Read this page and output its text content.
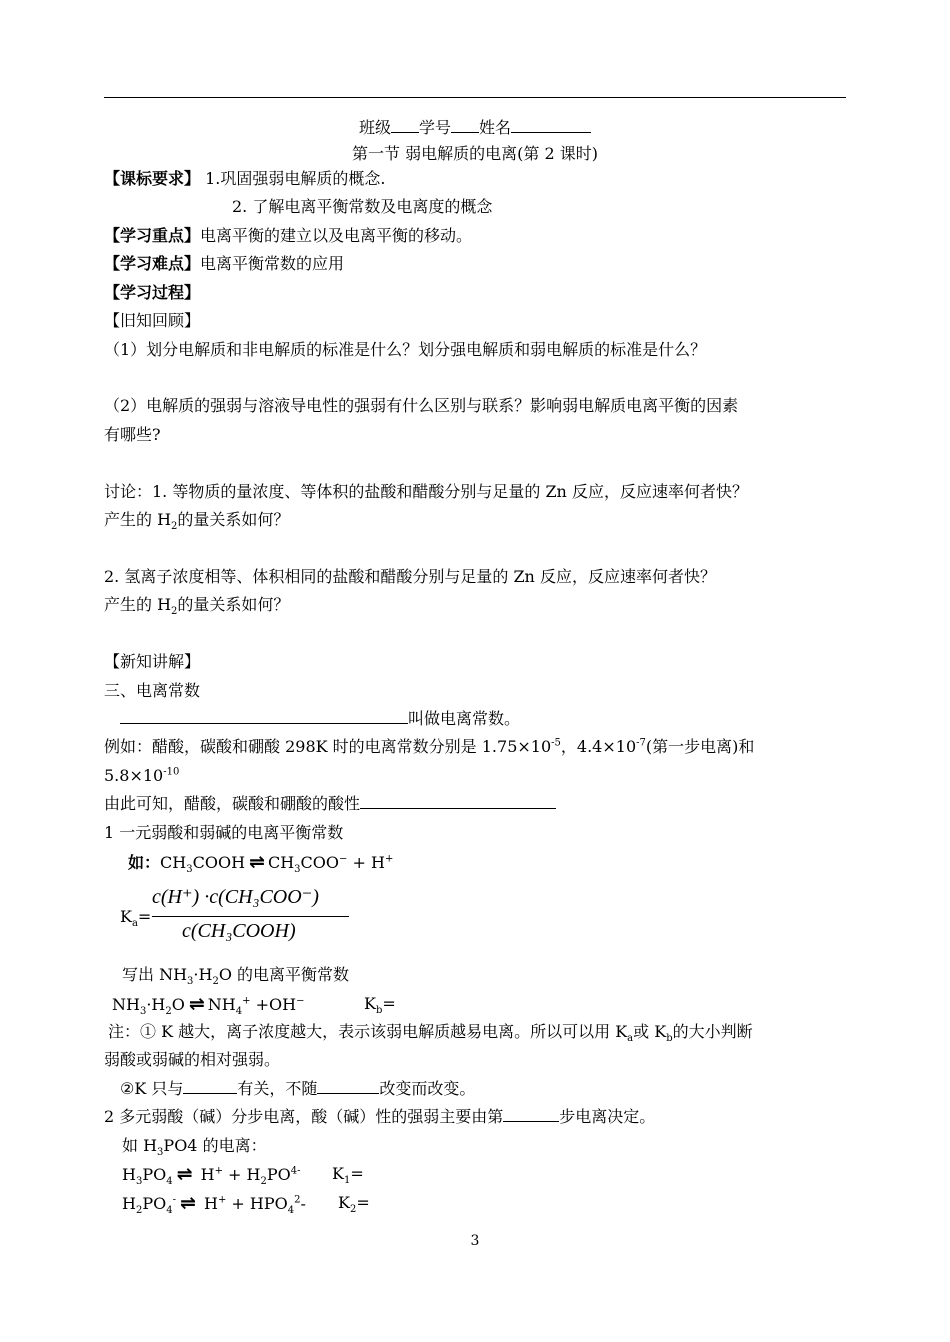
班级 学号 姓名
第一节 弱电解质的电离(第 2 课时)
【课标要求】 1.巩固强弱电解质的概念.
2. 了解电离平衡常数及电离度的概念
【学习重点】电离平衡的建立以及电离平衡的移动。
【学习难点】电离平衡常数的应用
【学习过程】
【旧知回顾】
（1）划分电解质和非电解质的标准是什么？划分强电解质和弱电解质的标准是什么？
（2）电解质的强弱与溶液导电性的强弱有什么区别与联系？影响弱电解质电离平衡的因素
有哪些?
讨论：1. 等物质的量浓度、等体积的盐酸和醋酸分别与足量的 Zn 反应，反应速率何者快？
产生的 $H_2$的量关系如何？
2. 氢离子浓度相等、体积相同的盐酸和醋酸分别与足量的 Zn 反应，反应速率何者快？
产生的 $H_2$的量关系如何？
【新知讲解】
三、电离常数
叫做电离常数。
例如：醋酸，碳酸和硼酸 298K 时的电离常数分别是 $1.75\times 10^{-5}$，$4.4\times 10^{-7}$(第一步电离)和
$5.8\times 10^{-10}$
由此可知，醋酸，碳酸和硼酸的酸性
1 一元弱酸和弱碱的电离平衡常数
如：$CH_3COOH$ ⇌ $CH_3COO^- + H^+$
$K_a=$
c(H⁺) ·c(CH₃COO⁻)
c(CH₃COOH)
写出 $NH_3\cdot H_2O$ 的电离平衡常数
$NH_3\cdot H_2O$ ⇌ $NH_4^+ +OH^-$	$K_b=$
注：① K 越大，离子浓度越大，表示该弱电解质越易电离。所以可以用 $K_a$或 $K_b$的大小判断
弱酸或弱碱的相对强弱。
②K 只与	有关，不随	改变而改变。
2 多元弱酸（碱）分步电离，酸（碱）性的强弱主要由第	步电离决定。
如 $H_3PO4$ 的电离：
$H_3PO_4$ ⇌ $H^+ + H_2PO^{4-}$ $K_1=$
$H_2PO_4^-$ ⇌ $H^+ + HPO_4^2-$ $K_2=$
3
